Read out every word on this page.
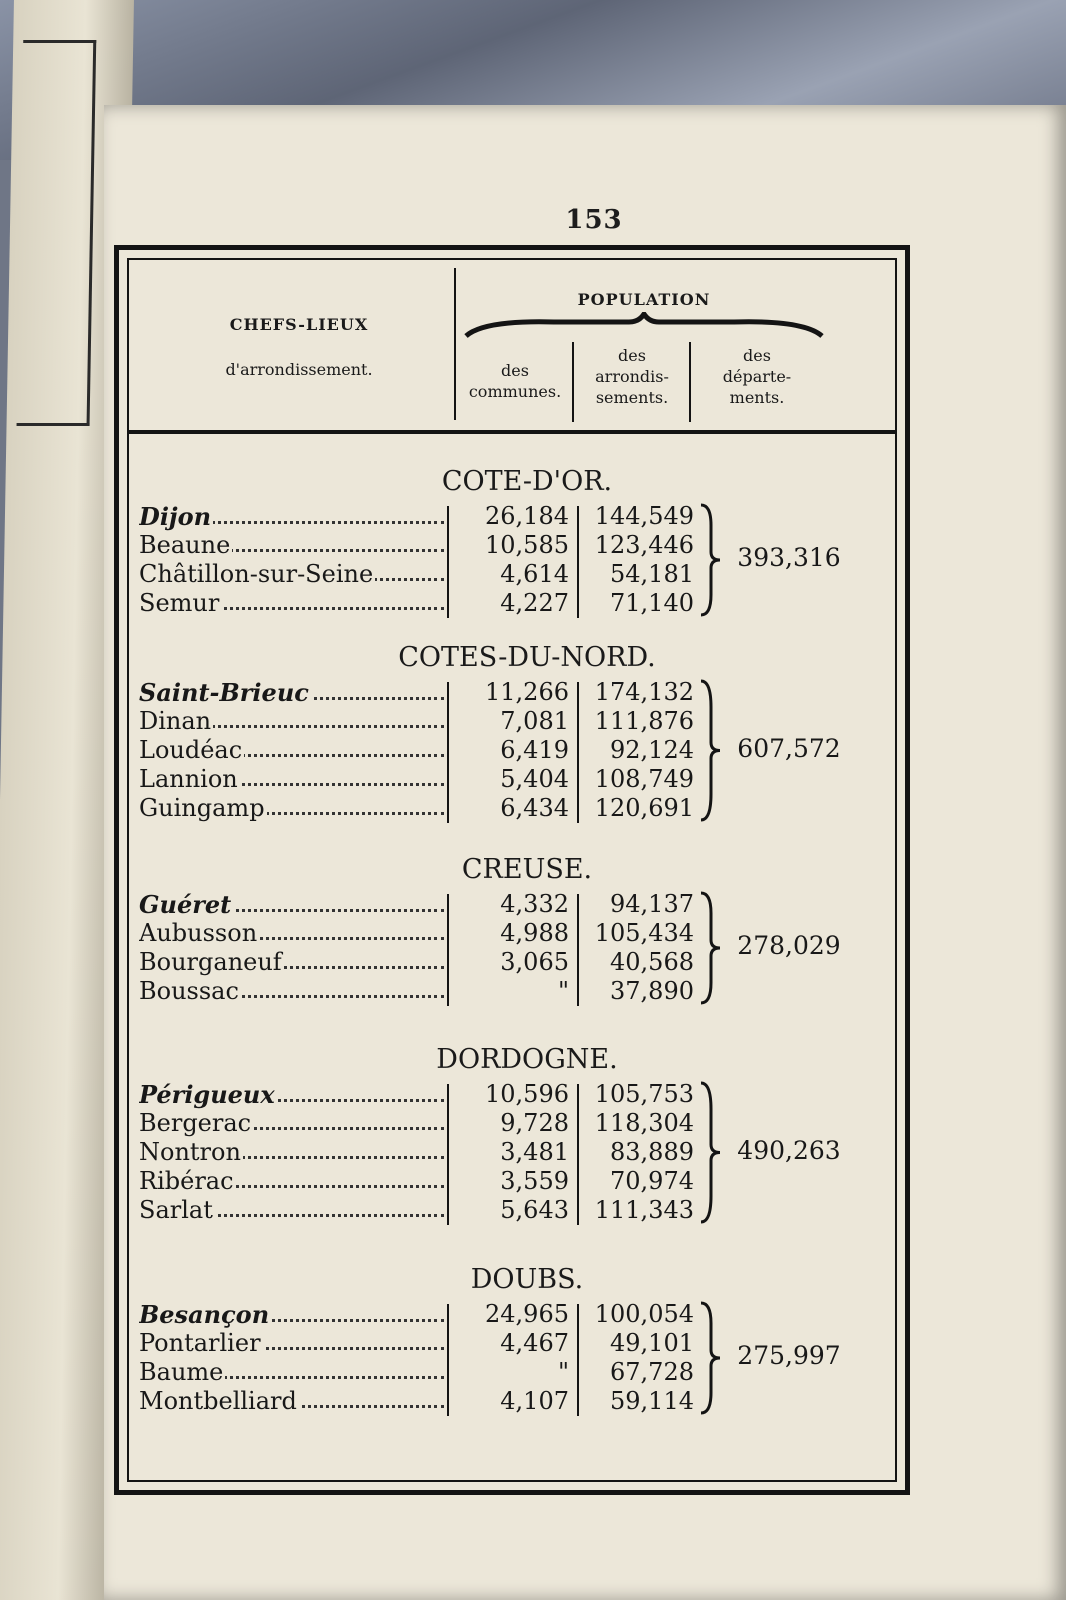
153
CHEFS-LIEUX
d'arrondissement.
POPULATION
des
communes.
des
arrondis-
sements.
des
départe-
ments.
COTE-D'OR.
Dijon	26,184	144,549
Beaune	10,585	123,446
Châtillon-sur-Seine	4,614	54,181
Semur	4,227	71,140
393,316
COTES-DU-NORD.
Saint-Brieuc	11,266	174,132
Dinan	7,081	111,876
Loudéac	6,419	92,124
Lannion	5,404	108,749
Guingamp	6,434	120,691
607,572
CREUSE.
Guéret	4,332	94,137
Aubusson	4,988	105,434
Bourganeuf	3,065	40,568
Boussac	"	37,890
278,029
DORDOGNE.
Périgueux	10,596	105,753
Bergerac	9,728	118,304
Nontron	3,481	83,889
Ribérac	3,559	70,974
Sarlat	5,643	111,343
490,263
DOUBS.
Besançon	24,965	100,054
Pontarlier	4,467	49,101
Baume	"	67,728
Montbelliard	4,107	59,114
275,997
